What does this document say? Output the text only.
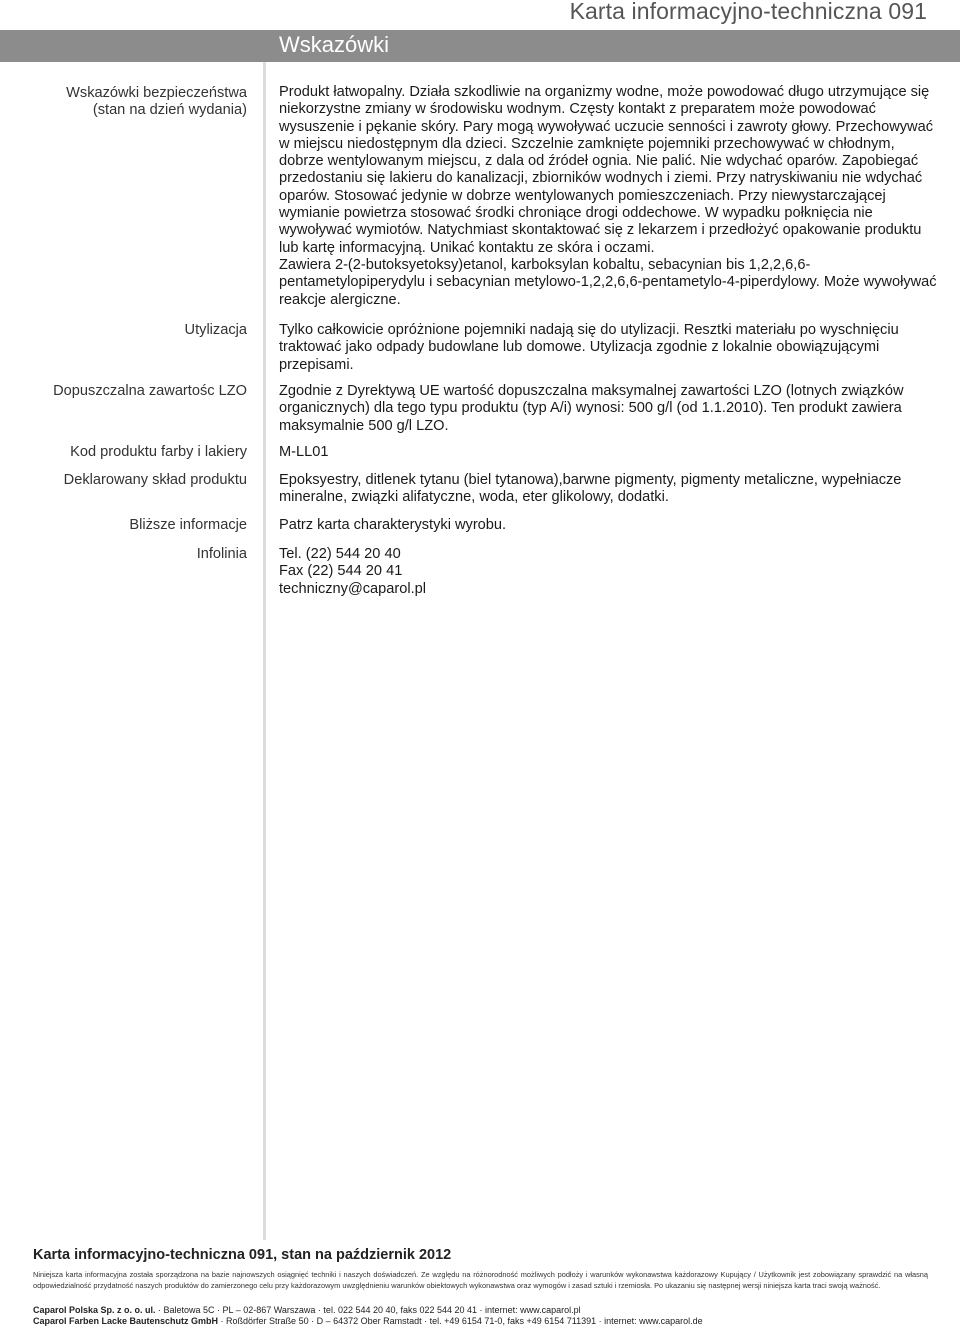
Karta informacyjno-techniczna 091
Wskazówki
Wskazówki bezpieczeństwa
(stan na dzień wydania)

Produkt łatwopalny. Działa szkodliwie na organizmy wodne, może powodować długo utrzymujące się niekorzystne zmiany w środowisku wodnym. Częsty kontakt z preparatem może powodować wysuszenie i pękanie skóry. Pary mogą wywoływać uczucie senności i zawroty głowy. Przechowywać w miejscu niedostępnym dla dzieci. Szczelnie zamknięte pojemniki przechowywać w chłodnym, dobrze wentylowanym miejscu, z dala od źródeł ognia. Nie palić. Nie wdychać oparów. Zapobiegać przedostaniu się lakieru do kanalizacji, zbiorników wodnych i ziemi. Przy natryskiwaniu nie wdychać oparów. Stosować jedynie w dobrze wentylowanych pomieszczeniach. Przy niewystarczającej wymianie powietrza stosować środki chroniące drogi oddechowe. W wypadku połknięcia nie wywoływać wymiotów. Natychmiast skontaktować się z lekarzem i przedłożyć opakowanie produktu lub kartę informacyjną. Unikać kontaktu ze skóra i oczami.

Zawiera 2-(2-butoksyetoksy)etanol, karboksylan kobaltu, sebacynian bis 1,2,2,6,6-pentametylopiperydylu i sebacynian metylowo-1,2,2,6,6-pentametylo-4-piperdylowy. Może wywoływać reakcje alergiczne.

Utylizacja Tylko całkowicie opróżnione pojemniki nadają się do utylizacji. Resztki materiału po wyschnięciu traktować jako odpady budowlane lub domowe. Utylizacja zgodnie z lokalnie obowiązującymi przepisami.
Dopuszczalna zawartośc LZO Zgodnie z Dyrektywą UE wartość dopuszczalna maksymalnej zawartości LZO (lotnych związków organicznych) dla tego typu produktu (typ A/i) wynosi: 500 g/l (od 1.1.2010). Ten produkt zawiera maksymalnie 500 g/l LZO.
Kod produktu farby i lakiery M-LL01
Deklarowany skład produktu Epoksyestry, ditlenek tytanu (biel tytanowa),barwne pigmenty, pigmenty metaliczne, wypełniacze mineralne, związki alifatyczne, woda, eter glikolowy, dodatki.
Bliższe informacje Patrz karta charakterystyki wyrobu.
Infolinia Tel. (22) 544 20 40
Fax (22) 544 20 41
techniczny@caparol.pl
Karta informacyjno-techniczna 091, stan na październik 2012
Niniejsza karta informacyjna została sporządzona na bazie najnowszych osiągnięć techniki i naszych doświadczeń. Ze względu na różnorodność możliwych podłoży i warunków wykonawstwa każdorazowy Kupujący / Użytkownik jest zobowiązany sprawdzić na własną odpowiedzialność przydatność naszych produktów do zamierzonego celu przy każdorazowym uwzględnieniu warunków obiektowych wykonawstwa oraz wymogów i zasad sztuki i rzemiosła. Po ukazaniu się następnej wersji niniejsza karta traci swoją ważność.
Caparol Polska Sp. z o. o. ul. · Baletowa 5C · PL – 02-867 Warszawa · tel. 022 544 20 40, faks 022 544 20 41 · internet: www.caparol.pl
Caparol Farben Lacke Bautenschutz GmbH · Roßdörfer Straße 50 · D – 64372 Ober Ramstadt · tel. +49 6154 71-0, faks +49 6154 711391 · internet: www.caparol.de
